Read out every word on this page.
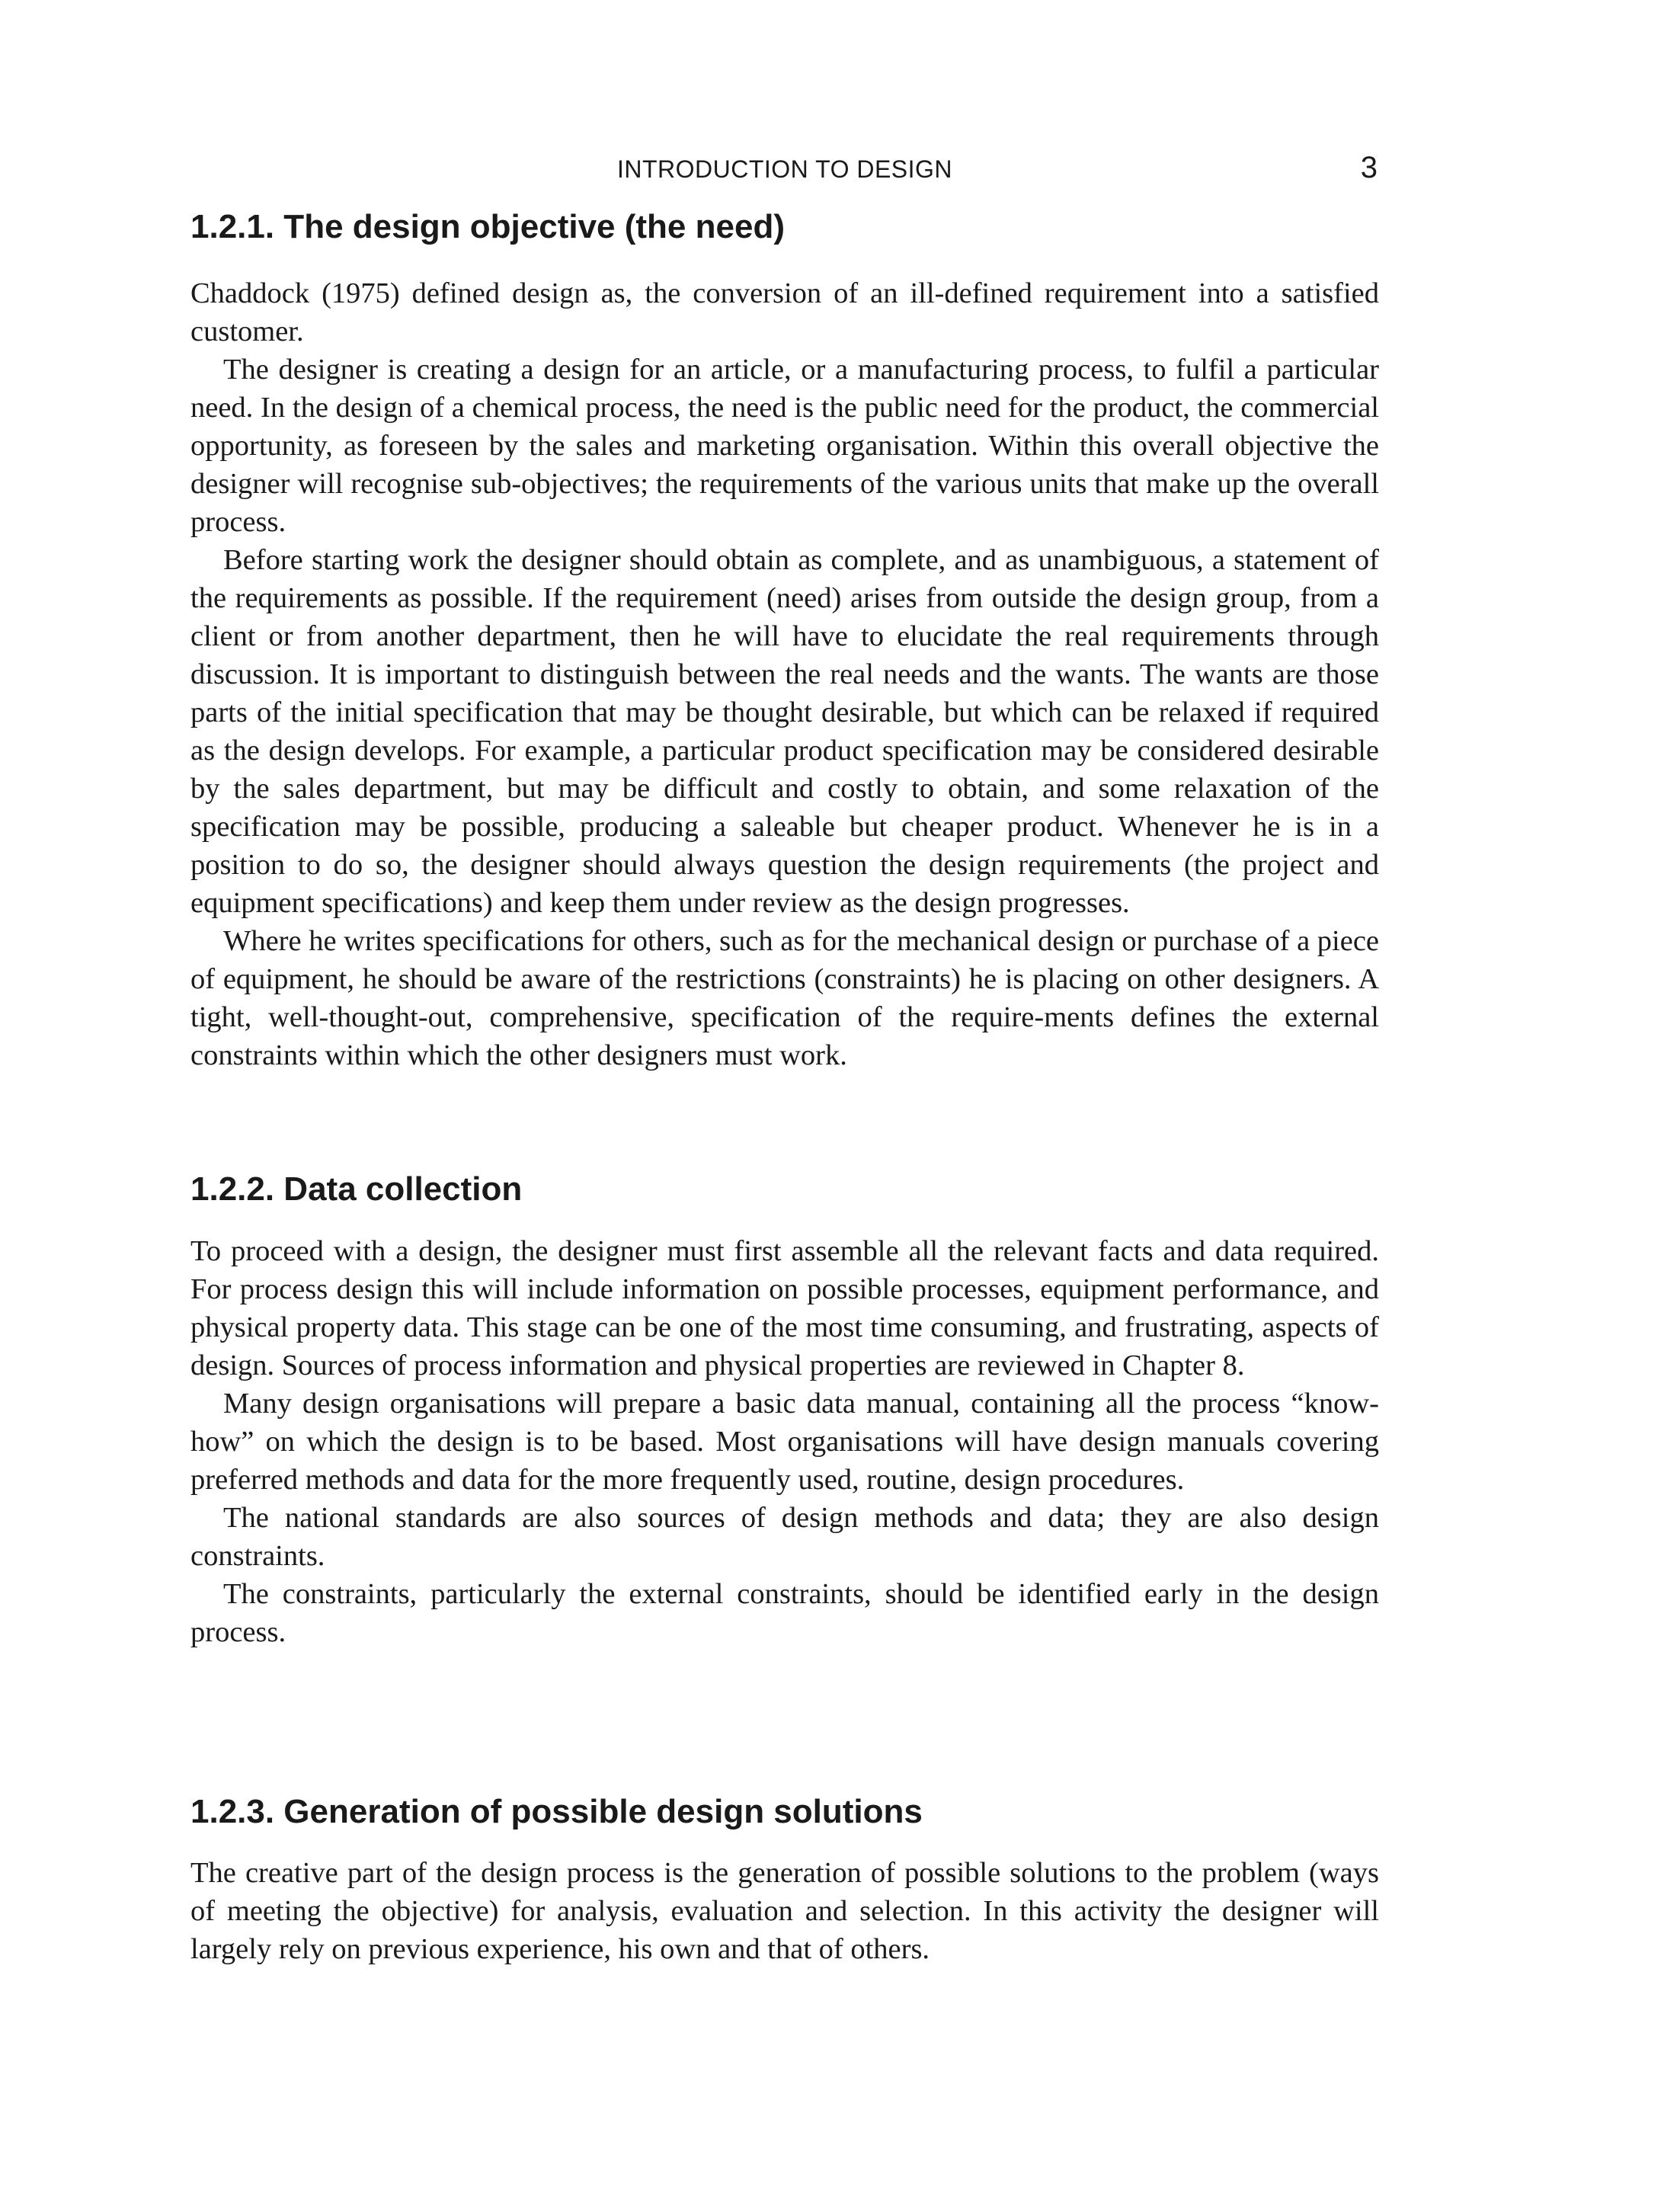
INTRODUCTION TO DESIGN	3
1.2.1. The design objective (the need)

Chaddock (1975) defined design as, the conversion of an ill-defined requirement into a satisfied customer.

The designer is creating a design for an article, or a manufacturing process, to fulfil a particular need. In the design of a chemical process, the need is the public need for the product, the commercial opportunity, as foreseen by the sales and marketing organisation. Within this overall objective the designer will recognise sub-objectives; the requirements of the various units that make up the overall process.

Before starting work the designer should obtain as complete, and as unambiguous, a statement of the requirements as possible. If the requirement (need) arises from outside the design group, from a client or from another department, then he will have to elucidate the real requirements through discussion. It is important to distinguish between the real needs and the wants. The wants are those parts of the initial specification that may be thought desirable, but which can be relaxed if required as the design develops. For example, a particular product specification may be considered desirable by the sales department, but may be difficult and costly to obtain, and some relaxation of the specification may be possible, producing a saleable but cheaper product. Whenever he is in a position to do so, the designer should always question the design requirements (the project and equipment specifications) and keep them under review as the design progresses.

Where he writes specifications for others, such as for the mechanical design or purchase of a piece of equipment, he should be aware of the restrictions (constraints) he is placing on other designers. A tight, well-thought-out, comprehensive, specification of the require-ments defines the external constraints within which the other designers must work.

1.2.2. Data collection

To proceed with a design, the designer must first assemble all the relevant facts and data required. For process design this will include information on possible processes, equipment performance, and physical property data. This stage can be one of the most time consuming, and frustrating, aspects of design. Sources of process information and physical properties are reviewed in Chapter 8.

Many design organisations will prepare a basic data manual, containing all the process “know-how” on which the design is to be based. Most organisations will have design manuals covering preferred methods and data for the more frequently used, routine, design procedures.

The national standards are also sources of design methods and data; they are also design constraints.

The constraints, particularly the external constraints, should be identified early in the design process.

1.2.3. Generation of possible design solutions

The creative part of the design process is the generation of possible solutions to the problem (ways of meeting the objective) for analysis, evaluation and selection. In this activity the designer will largely rely on previous experience, his own and that of others.
